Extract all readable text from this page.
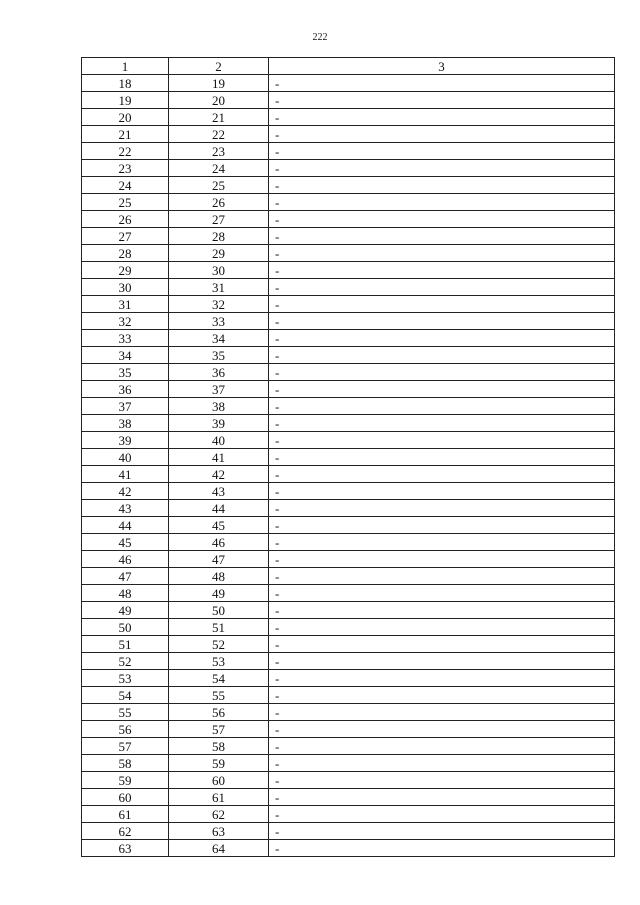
222
1	2	3
18	19	-
19	20	-
20	21	-
21	22	-
22	23	-
23	24	-
24	25	-
25	26	-
26	27	-
27	28	-
28	29	-
29	30	-
30	31	-
31	32	-
32	33	-
33	34	-
34	35	-
35	36	-
36	37	-
37	38	-
38	39	-
39	40	-
40	41	-
41	42	-
42	43	-
43	44	-
44	45	-
45	46	-
46	47	-
47	48	-
48	49	-
49	50	-
50	51	-
51	52	-
52	53	-
53	54	-
54	55	-
55	56	-
56	57	-
57	58	-
58	59	-
59	60	-
60	61	-
61	62	-
62	63	-
63	64	-
